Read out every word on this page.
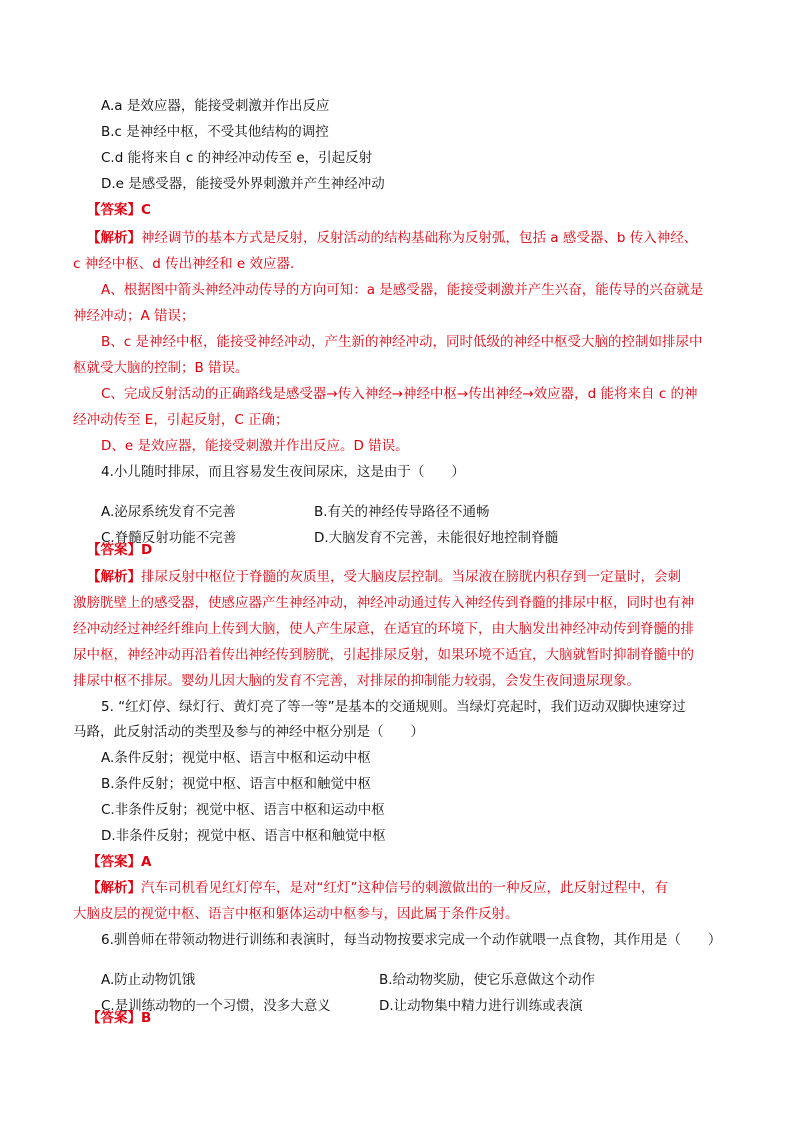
A.a 是效应器，能接受刺激并作出反应

B.c 是神经中枢，不受其他结构的调控

C.d 能将来自 c 的神经冲动传至 e，引起反射

D.e 是感受器，能接受外界刺激并产生神经冲动

【答案】C

【解析】神经调节的基本方式是反射，反射活动的结构基础称为反射弧，包括 a 感受器、b 传入神经、

c 神经中枢、d 传出神经和 e 效应器.

A、根据图中箭头神经冲动传导的方向可知：a 是感受器，能接受刺激并产生兴奋，能传导的兴奋就是

神经冲动；A 错误；

B、c 是神经中枢，能接受神经冲动，产生新的神经冲动，同时低级的神经中枢受大脑的控制如排尿中

枢就受大脑的控制；B 错误。

C、完成反射活动的正确路线是感受器→传入神经→神经中枢→传出神经→效应器，d 能将来自 c 的神

经冲动传至 E，引起反射，C 正确；

D、e 是效应器，能接受刺激并作出反应。D 错误。

4.小儿随时排尿，而且容易发生夜间尿床，这是由于（　　）

A.泌尿系统发育不完善	B.有关的神经传导路径不通畅

C.脊髓反射功能不完善	D.大脑发育不完善，未能很好地控制脊髓

【答案】D

【解析】排尿反射中枢位于脊髓的灰质里，受大脑皮层控制。当尿液在膀胱内积存到一定量时，会刺

激膀胱壁上的感受器，使感应器产生神经冲动，神经冲动通过传入神经传到脊髓的排尿中枢，同时也有神

经冲动经过神经纤维向上传到大脑，使人产生尿意，在适宜的环境下，由大脑发出神经冲动传到脊髓的排

尿中枢，神经冲动再沿着传出神经传到膀胱，引起排尿反射，如果环境不适宜，大脑就暂时抑制脊髓中的

排尿中枢不排尿。婴幼儿因大脑的发育不完善，对排尿的抑制能力较弱，会发生夜间遗尿现象。

5. “红灯停、绿灯行、黄灯亮了等一等”是基本的交通规则。当绿灯亮起时，我们迈动双脚快速穿过

马路，此反射活动的类型及参与的神经中枢分别是（　　）

A.条件反射；视觉中枢、语言中枢和运动中枢

B.条件反射；视觉中枢、语言中枢和触觉中枢

C.非条件反射；视觉中枢、语言中枢和运动中枢

D.非条件反射；视觉中枢、语言中枢和触觉中枢

【答案】A

【解析】汽车司机看见红灯停车，是对“红灯”这种信号的刺激做出的一种反应，此反射过程中，有

大脑皮层的视觉中枢、语言中枢和躯体运动中枢参与，因此属于条件反射。

6.驯兽师在带领动物进行训练和表演时，每当动物按要求完成一个动作就喂一点食物，其作用是（　　）

A.防止动物饥饿	B.给动物奖励，使它乐意做这个动作

C.是训练动物的一个习惯，没多大意义	D.让动物集中精力进行训练或表演

【答案】B
